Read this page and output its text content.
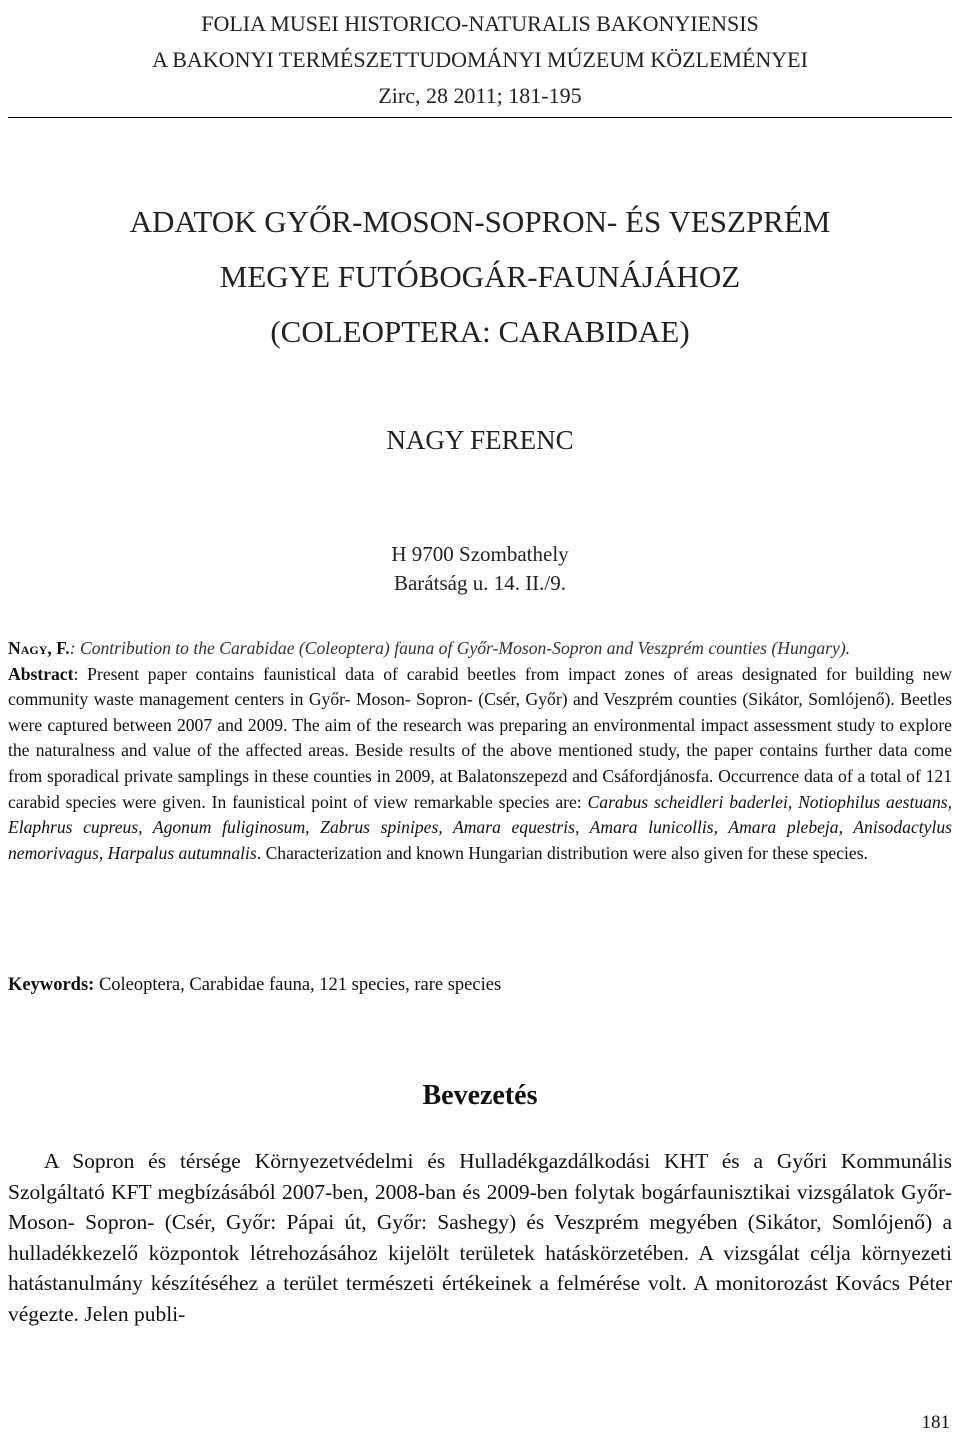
FOLIA MUSEI HISTORICO-NATURALIS BAKONYIENSIS
A BAKONYI TERMÉSZETTUDOMÁNYI MÚZEUM KÖZLEMÉNYEI
Zirc, 28 2011; 181-195
ADATOK GYŐR-MOSON-SOPRON- ÉS VESZPRÉM
MEGYE FUTÓBOGÁR-FAUNÁJÁHOZ
(COLEOPTERA: CARABIDAE)
NAGY FERENC
H 9700 Szombathely
Barátság u. 14. II./9.
Nagy, F.: Contribution to the Carabidae (Coleoptera) fauna of Győr-Moson-Sopron and Veszprém counties (Hungary).
Abstract: Present paper contains faunistical data of carabid beetles from impact zones of areas designated for building new community waste management centers in Győr- Moson- Sopron- (Csér, Győr) and Veszprém counties (Sikátor, Somlójenő). Beetles were captured between 2007 and 2009. The aim of the research was preparing an environmental impact assessment study to explore the naturalness and value of the affected areas. Beside results of the above mentioned study, the paper contains further data come from sporadical private samplings in these counties in 2009, at Balatonszepezd and Csáfordjánosfa. Occurrence data of a total of 121 carabid species were given. In faunistical point of view remarkable species are: Carabus scheidleri baderlei, Notiophilus aestuans, Elaphrus cupreus, Agonum fuliginosum, Zabrus spinipes, Amara equestris, Amara lunicollis, Amara plebeja, Anisodactylus nemorivagus, Harpalus autumnalis. Characterization and known Hungarian distribution were also given for these species.
Keywords: Coleoptera, Carabidae fauna, 121 species, rare species
Bevezetés
A Sopron és térsége Környezetvédelmi és Hulladékgazdálkodási KHT és a Győri Kommunális Szolgáltató KFT megbízásából 2007-ben, 2008-ban és 2009-ben folytak bogárfaunisztikai vizsgálatok Győr- Moson- Sopron- (Csér, Győr: Pápai út, Győr: Sashegy) és Veszprém megyében (Sikátor, Somlójenő) a hulladékkezelő központok létrehozásához kijelölt területek hatáskörzetében. A vizsgálat célja környezeti hatástanulmány készítéséhez a terület természeti értékeinek a felmérése volt. A monitorozást Kovács Péter végezte. Jelen publi-
181
